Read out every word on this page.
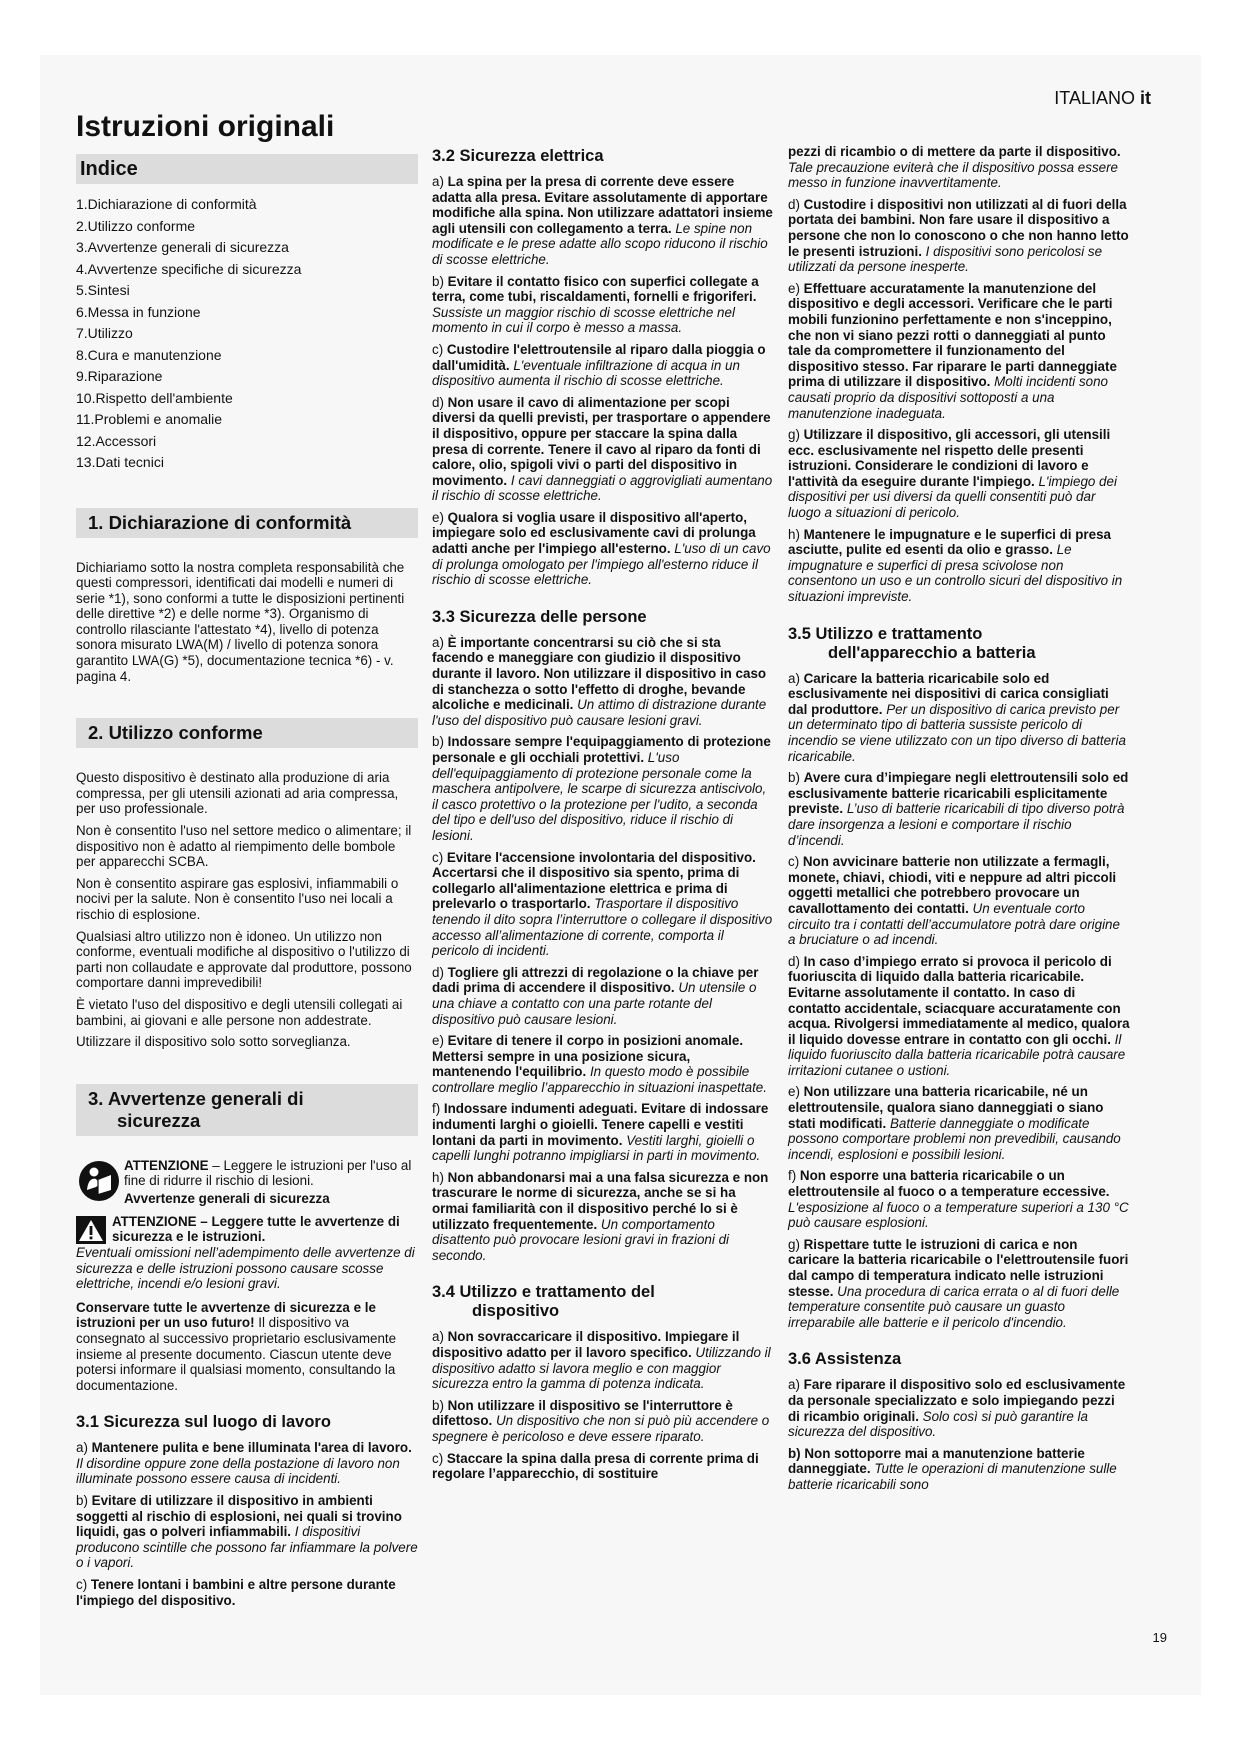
ITALIANO it
Istruzioni originali
Indice
1.Dichiarazione di conformità
2.Utilizzo conforme
3.Avvertenze generali di sicurezza
4.Avvertenze specifiche di sicurezza
5.Sintesi
6.Messa in funzione
7.Utilizzo
8.Cura e manutenzione
9.Riparazione
10.Rispetto dell'ambiente
11.Problemi e anomalie
12.Accessori
13.Dati tecnici
1. Dichiarazione di conformità

Dichiariamo sotto la nostra completa responsabilità che questi compressori, identificati dai modelli e numeri di serie *1), sono conformi a tutte le disposizioni pertinenti delle direttive *2) e delle norme *3). Organismo di controllo rilasciante l'attestato *4), livello di potenza sonora misurato LWA(M) / livello di potenza sonora garantito LWA(G) *5), documentazione tecnica *6) - v. pagina 4.

2. Utilizzo conforme

Questo dispositivo è destinato alla produzione di aria compressa, per gli utensili azionati ad aria compressa, per uso professionale.

Non è consentito l'uso nel settore medico o alimentare; il dispositivo non è adatto al riempimento delle bombole per apparecchi SCBA.

Non è consentito aspirare gas esplosivi, infiammabili o nocivi per la salute. Non è consentito l'uso nei locali a rischio di esplosione.

Qualsiasi altro utilizzo non è idoneo. Un utilizzo non conforme, eventuali modifiche al dispositivo o l'utilizzo di parti non collaudate e approvate dal produttore, possono comportare danni imprevedibili!

È vietato l'uso del dispositivo e degli utensili collegati ai bambini, ai giovani e alle persone non addestrate.

Utilizzare il dispositivo solo sotto sorveglianza.

3. Avvertenze generali di
sicurezza

ATTENZIONE – Leggere le istruzioni per l'uso al fine di ridurre il rischio di lesioni.

Avvertenze generali di sicurezza

ATTENZIONE – Leggere tutte le avvertenze di sicurezza e le istruzioni.

Eventuali omissioni nell’adempimento delle avvertenze di sicurezza e delle istruzioni possono causare scosse elettriche, incendi e/o lesioni gravi.

Conservare tutte le avvertenze di sicurezza e le istruzioni per un uso futuro! Il dispositivo va consegnato al successivo proprietario esclusivamente insieme al presente documento. Ciascun utente deve potersi informare il qualsiasi momento, consultando la documentazione.

3.1 Sicurezza sul luogo di lavoro

a) Mantenere pulita e bene illuminata l'area di lavoro. Il disordine oppure zone della postazione di lavoro non illuminate possono essere causa di incidenti.

b) Evitare di utilizzare il dispositivo in ambienti soggetti al rischio di esplosioni, nei quali si trovino liquidi, gas o polveri infiammabili. I dispositivi producono scintille che possono far infiammare la polvere o i vapori.

c) Tenere lontani i bambini e altre persone durante l'impiego del dispositivo.

3.2 Sicurezza elettrica

a) La spina per la presa di corrente deve essere adatta alla presa. Evitare assolutamente di apportare modifiche alla spina. Non utilizzare adattatori insieme agli utensili con collegamento a terra. Le spine non modificate e le prese adatte allo scopo riducono il rischio di scosse elettriche.

b) Evitare il contatto fisico con superfici collegate a terra, come tubi, riscaldamenti, fornelli e frigoriferi. Sussiste un maggior rischio di scosse elettriche nel momento in cui il corpo è messo a massa.

c) Custodire l'elettroutensile al riparo dalla pioggia o dall'umidità. L'eventuale infiltrazione di acqua in un dispositivo aumenta il rischio di scosse elettriche.

d) Non usare il cavo di alimentazione per scopi diversi da quelli previsti, per trasportare o appendere il dispositivo, oppure per staccare la spina dalla presa di corrente. Tenere il cavo al riparo da fonti di calore, olio, spigoli vivi o parti del dispositivo in movimento. I cavi danneggiati o aggrovigliati aumentano il rischio di scosse elettriche.

e) Qualora si voglia usare il dispositivo all'aperto, impiegare solo ed esclusivamente cavi di prolunga adatti anche per l'impiego all'esterno. L'uso di un cavo di prolunga omologato per l'impiego all'esterno riduce il rischio di scosse elettriche.

3.3 Sicurezza delle persone

a) È importante concentrarsi su ciò che si sta facendo e maneggiare con giudizio il dispositivo durante il lavoro. Non utilizzare il dispositivo in caso di stanchezza o sotto l'effetto di droghe, bevande alcoliche e medicinali. Un attimo di distrazione durante l'uso del dispositivo può causare lesioni gravi.

b) Indossare sempre l'equipaggiamento di protezione personale e gli occhiali protettivi. L'uso dell'equipaggiamento di protezione personale come la maschera antipolvere, le scarpe di sicurezza antiscivolo, il casco protettivo o la protezione per l'udito, a seconda del tipo e dell'uso del dispositivo, riduce il rischio di lesioni.

c) Evitare l'accensione involontaria del dispositivo. Accertarsi che il dispositivo sia spento, prima di collegarlo all'alimentazione elettrica e prima di prelevarlo o trasportarlo. Trasportare il dispositivo tenendo il dito sopra l’interruttore o collegare il dispositivo accesso all’alimentazione di corrente, comporta il pericolo di incidenti.

d) Togliere gli attrezzi di regolazione o la chiave per dadi prima di accendere il dispositivo. Un utensile o una chiave a contatto con una parte rotante del dispositivo può causare lesioni.

e) Evitare di tenere il corpo in posizioni anomale. Mettersi sempre in una posizione sicura, mantenendo l'equilibrio. In questo modo è possibile controllare meglio l’apparecchio in situazioni inaspettate.

f) Indossare indumenti adeguati. Evitare di indossare indumenti larghi o gioielli. Tenere capelli e vestiti lontani da parti in movimento. Vestiti larghi, gioielli o capelli lunghi potranno impigliarsi in parti in movimento.

h) Non abbandonarsi mai a una falsa sicurezza e non trascurare le norme di sicurezza, anche se si ha ormai familiarità con il dispositivo perché lo si è utilizzato frequentemente. Un comportamento disattento può provocare lesioni gravi in frazioni di secondo.

3.4 Utilizzo e trattamento del
dispositivo

a) Non sovraccaricare il dispositivo. Impiegare il dispositivo adatto per il lavoro specifico. Utilizzando il dispositivo adatto si lavora meglio e con maggior sicurezza entro la gamma di potenza indicata.

b) Non utilizzare il dispositivo se l'interruttore è difettoso. Un dispositivo che non si può più accendere o spegnere è pericoloso e deve essere riparato.

c) Staccare la spina dalla presa di corrente prima di regolare l’apparecchio, di sostituire

pezzi di ricambio o di mettere da parte il dispositivo. Tale precauzione eviterà che il dispositivo possa essere messo in funzione inavvertitamente.

d) Custodire i dispositivi non utilizzati al di fuori della portata dei bambini. Non fare usare il dispositivo a persone che non lo conoscono o che non hanno letto le presenti istruzioni. I dispositivi sono pericolosi se utilizzati da persone inesperte.

e) Effettuare accuratamente la manutenzione del dispositivo e degli accessori. Verificare che le parti mobili funzionino perfettamente e non s'inceppino, che non vi siano pezzi rotti o danneggiati al punto tale da compromettere il funzionamento del dispositivo stesso. Far riparare le parti danneggiate prima di utilizzare il dispositivo. Molti incidenti sono causati proprio da dispositivi sottoposti a una manutenzione inadeguata.

g) Utilizzare il dispositivo, gli accessori, gli utensili ecc. esclusivamente nel rispetto delle presenti istruzioni. Considerare le condizioni di lavoro e l'attività da eseguire durante l'impiego. L'impiego dei dispositivi per usi diversi da quelli consentiti può dar luogo a situazioni di pericolo.

h) Mantenere le impugnature e le superfici di presa asciutte, pulite ed esenti da olio e grasso. Le impugnature e superfici di presa scivolose non consentono un uso e un controllo sicuri del dispositivo in situazioni impreviste.

3.5 Utilizzo e trattamento
dell'apparecchio a batteria

a) Caricare la batteria ricaricabile solo ed esclusivamente nei dispositivi di carica consigliati dal produttore. Per un dispositivo di carica previsto per un determinato tipo di batteria sussiste pericolo di incendio se viene utilizzato con un tipo diverso di batteria ricaricabile.

b) Avere cura d’impiegare negli elettroutensili solo ed esclusivamente batterie ricaricabili esplicitamente previste. L’uso di batterie ricaricabili di tipo diverso potrà dare insorgenza a lesioni e comportare il rischio d’incendi.

c) Non avvicinare batterie non utilizzate a fermagli, monete, chiavi, chiodi, viti e neppure ad altri piccoli oggetti metallici che potrebbero provocare un cavallottamento dei contatti. Un eventuale corto circuito tra i contatti dell’accumulatore potrà dare origine a bruciature o ad incendi.

d) In caso d’impiego errato si provoca il pericolo di fuoriuscita di liquido dalla batteria ricaricabile. Evitarne assolutamente il contatto. In caso di contatto accidentale, sciacquare accuratamente con acqua. Rivolgersi immediatamente al medico, qualora il liquido dovesse entrare in contatto con gli occhi. Il liquido fuoriuscito dalla batteria ricaricabile potrà causare irritazioni cutanee o ustioni.

e) Non utilizzare una batteria ricaricabile, né un elettroutensile, qualora siano danneggiati o siano stati modificati. Batterie danneggiate o modificate possono comportare problemi non prevedibili, causando incendi, esplosioni e possibili lesioni.

f) Non esporre una batteria ricaricabile o un elettroutensile al fuoco o a temperature eccessive. L'esposizione al fuoco o a temperature superiori a 130 °C può causare esplosioni.

g) Rispettare tutte le istruzioni di carica e non caricare la batteria ricaricabile o l'elettroutensile fuori dal campo di temperatura indicato nelle istruzioni stesse. Una procedura di carica errata o al di fuori delle temperature consentite può causare un guasto irreparabile alle batterie e il pericolo d'incendio.

3.6 Assistenza

a) Fare riparare il dispositivo solo ed esclusivamente da personale specializzato e solo impiegando pezzi di ricambio originali. Solo così si può garantire la sicurezza del dispositivo.

b) Non sottoporre mai a manutenzione batterie danneggiate. Tutte le operazioni di manutenzione sulle batterie ricaricabili sono

19
